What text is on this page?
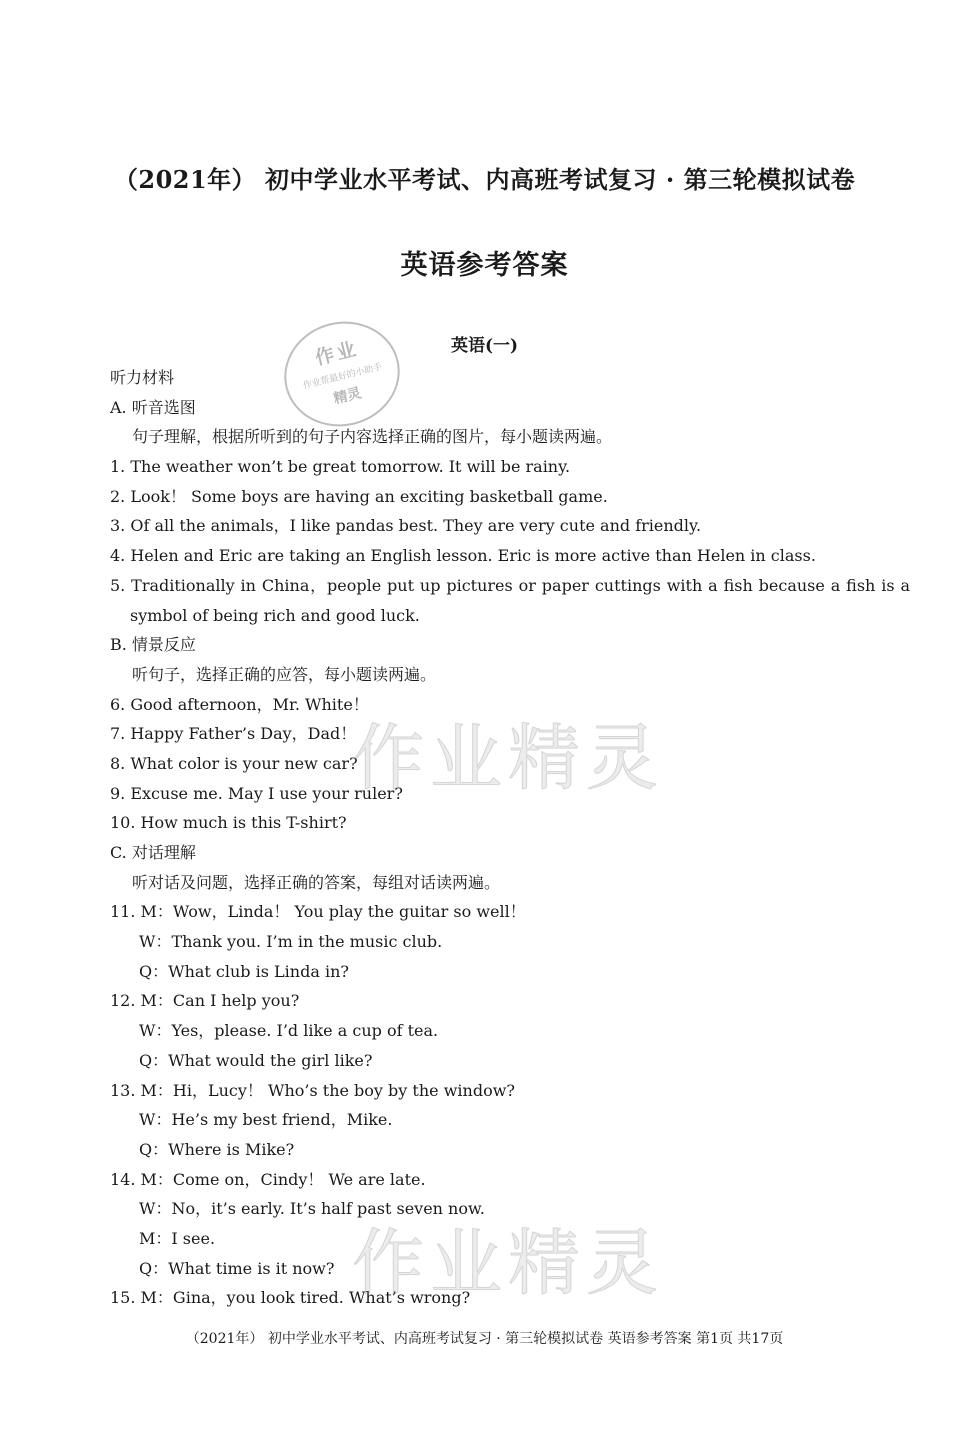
（2021年） 初中学业水平考试、内高班考试复习 · 第三轮模拟试卷
英语参考答案
英语(一)
听力材料
A. 听音选图
句子理解，根据所听到的句子内容选择正确的图片，每小题读两遍。
1. The weather won’t be great tomorrow. It will be rainy.
2. Look！ Some boys are having an exciting basketball game.
3. Of all the animals，I like pandas best. They are very cute and friendly.
4. Helen and Eric are taking an English lesson. Eric is more active than Helen in class.
5. Traditionally in China，people put up pictures or paper cuttings with a fish because a fish is a
symbol of being rich and good luck.
B. 情景反应
听句子，选择正确的应答，每小题读两遍。
6. Good afternoon，Mr. White！
7. Happy Father’s Day，Dad！
8. What color is your new car?
9. Excuse me. May I use your ruler?
10. How much is this T-shirt?
C. 对话理解
听对话及问题，选择正确的答案，每组对话读两遍。
11. M：Wow，Linda！ You play the guitar so well！
W：Thank you. I’m in the music club.
Q：What club is Linda in?
12. M：Can I help you?
W：Yes，please. I’d like a cup of tea.
Q：What would the girl like?
13. M：Hi，Lucy！ Who’s the boy by the window?
W：He’s my best friend，Mike.
Q：Where is Mike?
14. M：Come on，Cindy！ We are late.
W：No，it’s early. It’s half past seven now.
M：I see.
Q：What time is it now?
15. M：Gina，you look tired. What’s wrong?
（2021年） 初中学业水平考试、内高班考试复习 · 第三轮模拟试卷 英语参考答案 第1页 共17页
作业
作业帮最好的小助手
精灵
作业精灵
作业精灵
